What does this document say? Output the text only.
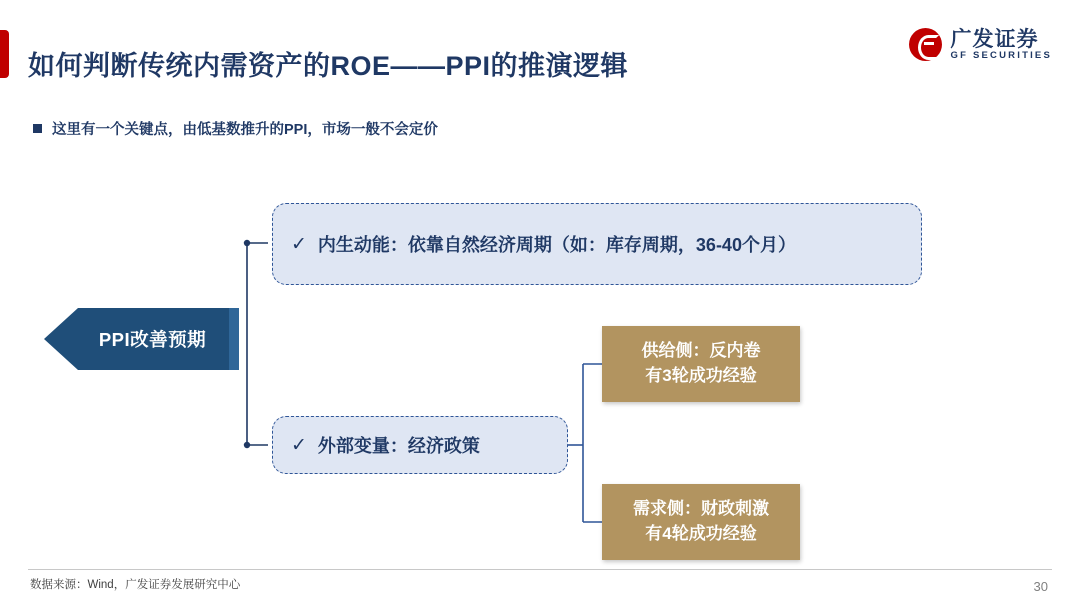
如何判断传统内需资产的ROE——PPI的推演逻辑
广发证券
GF SECURITIES
这里有一个关键点，由低基数推升的PPI，市场一般不会定价
PPI改善预期
✓ 内生动能：依靠自然经济周期（如：库存周期，36-40个月）
✓ 外部变量：经济政策
供给侧：反内卷
有3轮成功经验
需求侧：财政刺激
有4轮成功经验
数据来源：Wind，广发证券发展研究中心	30
